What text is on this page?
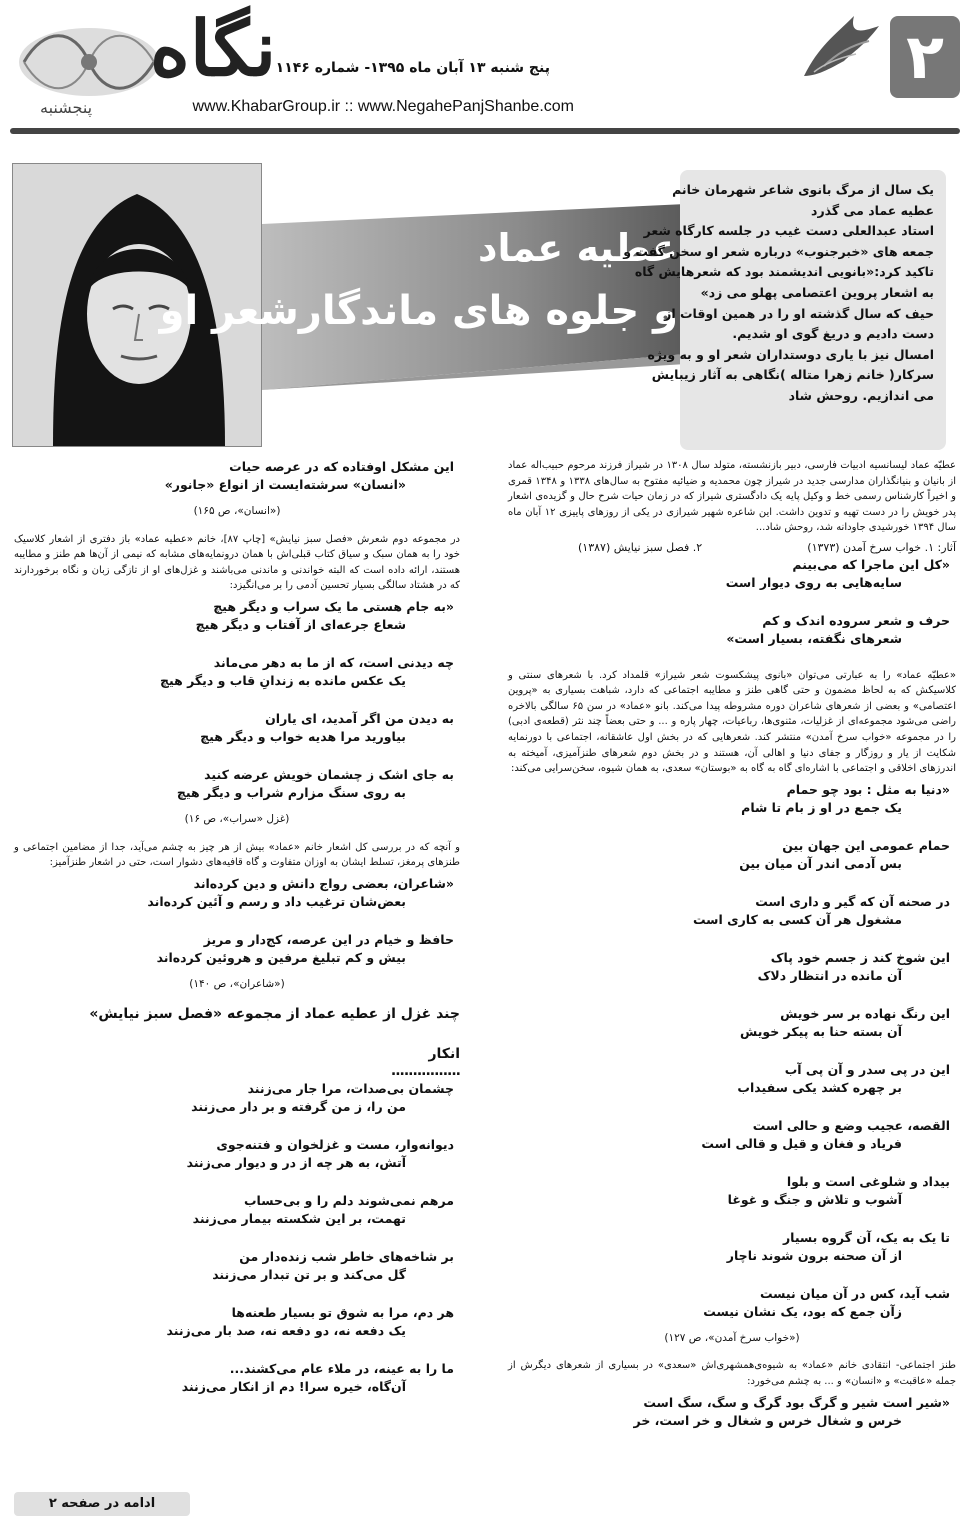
۲
پنج شنبه ۱۳ آبان ماه ۱۳۹۵- شماره ۱۱۴۶
www.KhabarGroup.ir :: www.NegahePanjShanbe.com
نگاه
پنجشنبه
عطیه عماد
و جلوه های ماندگارشعر او
یک سال از مرگ بانوی شاعر شهرمان خانم
عطیه عماد می گذرد
استاد عبدالعلی دست غیب در جلسه کارگاه شعر
جمعه های «خبرجنوب» درباره شعر او سخن گفت و
تاکید کرد:«بانویی اندیشمند بود که شعرهایش گاه
به اشعار پروین اعتصامی پهلو می زد»
حیف که سال گذشته او را در همین اوقات از
دست دادیم و دریغ گوی او شدیم.
امسال نیز با یاری دوستداران شعر او و به ویژه
سرکار( خانم زهرا متاله )نگاهی به آثار زیبایش
می اندازیم. روحش شاد

عطیّه عماد لیسانسیه ادبیات فارسی، دبیر بازنشسته، متولد سال ۱۳۰۸ در شیراز فرزند مرحوم حبیب‌اله عماد از بانیان و بنیانگذاران مدارسی جدید در شیراز چون محمدیه و ضیائیه مفتوح به سال‌های ۱۳۳۸ و ۱۳۴۸ قمری و اخیراً کارشناس رسمی خط و وکیل پایه یک دادگستری شیراز که در زمان حیات شرح حال و گزیده‌ی اشعار پدر خویش را در دست تهیه و تدوین داشت. این شاعره شهیر شیرازی در یکی از روزهای پاییزی ۱۲ آبان ماه سال ۱۳۹۴ خورشیدی جاودانه شد، روحش شاد...

آثار: ۱. خواب سرخ آمدن (۱۳۷۳)
۲. فصل سبز نیایش (۱۳۸۷)
«کل این ماجرا که می‌بینم
سایه‌هایی به روی دیوار است
حرف و شعر سروده اندک و کم
شعرهای نگفته، بسیار است»

«عطیّه عماد» را به عبارتی می‌توان «بانوی پیشکسوت شعر شیراز» قلمداد کرد. با شعرهای سنتی و کلاسیکش که به لحاظ مضمون و حتی گاهی طنز و مطایبه اجتماعی که دارد، شباهت بسیاری به «پروین اعتصامی» و بعضی از شعرهای شاعران دوره مشروطه پیدا می‌کند. بانو «عماد» در سن ۶۵ سالگی بالاخره راضی می‌شود مجموعه‌ای از غزلیات، مثنوی‌ها، رباعیات، چهار پاره و ... و حتی بعضاً چند نثر (قطعه‌ی ادبی) را در مجموعه «خواب سرخ آمدن» منتشر کند. شعرهایی که در بخش اول عاشقانه، اجتماعی با دورنمایه شکایت از یار و روزگار و جفای دنیا و اهالی آن، هستند و در بخش دوم شعرهای طنزآمیزی، آمیخته به اندرزهای اخلاقی و اجتماعی با اشاره‌ای گاه به گاه به «بوستان» سعدی، به همان شیوه، سخن‌سرایی می‌کند:

«دنیا به مثل : بود چو حمام
یک جمع در او ز بام تا شام
حمام عمومی این جهان بین
بس آدمی اندر آن میان بین
در صحنه آن که گیر و داری است
مشغول هر آن کسی به کاری است
این شوخ کند ز جسم خود پاک
آن مانده در انتظار دلاک
این رنگ نهاده بر سر خویش
آن بسته حنا به پیکر خویش
این در پی سدر و آن پی آب
بر چهره کشد یکی سفیداب
القصه، عجیب وضع و حالی است
فریاد و فغان و قیل و قالی است
بیداد و شلوغی است و بلوا
آشوب و تلاش و جنگ و غوغا
تا یک به یک، آن گروه بسیار
از آن صحنه برون شوند ناچار
شب آید، کس در آن میان نیست
زآن جمع که بود، یک نشان نیست
(«خواب سرخ آمدن»، ص ۱۲۷)

طنز اجتماعی- انتقادی خانم «عماد» به شیوه‌ی‌همشهری‌اش «سعدی» در بسیاری از شعرهای دیگرش از جمله «عاقبت» و «انسان» و ... به چشم می‌خورد:

«شیر است شیر و گرگ بود گرگ و سگ، سگ است
خرس و شغال خرس و شغال و خر است، خر
این مشکل اوفتاده که در عرصه حیات
«انسان» سرشته‌ایست از انواع «جانور»
(«انسان»، ص ۱۶۵)

در مجموعه دوم شعرش «فصل سبز نیایش» [چاپ ۸۷]، خانم «عطیه عماد» باز دفتری از اشعار کلاسیک خود را به همان سبک و سیاق کتاب قبلی‌اش با همان درونمایه‌های مشابه که نیمی از آن‌ها هم طنز و مطایبه هستند، ارائه داده است که البته خواندنی و ماندنی می‌باشند و غزل‌های او از تازگی زبان و نگاه برخوردارند که در هشتاد سالگی بسیار تحسین آدمی را بر می‌انگیزد:

«به جام هستی ما یک سراب و دیگر هیچ
شعاع جرعه‌ای از آفتاب و دیگر هیچ
چه دیدنی است، که از ما به دهر می‌ماند
یک عکس مانده به زندانِ قاب و دیگر هیچ
به دیدن من اگر آمدید، ای یاران
بیاورید مرا هدیه خواب و دیگر هیچ
به جای اشک ز چشمان خویش عرضه کنید
به روی سنگ مزارم شراب و دیگر هیچ
(غزل «سراب»، ص ۱۶)

و آنچه که در بررسی کل اشعار خانم «عماد» بیش از هر چیز به چشم می‌آید، جدا از مضامین اجتماعی و طنزهای پرمغز، تسلط ایشان به اوزان متفاوت و گاه قافیه‌های دشوار است، حتی در اشعار طنزآمیز:

«شاعران، بعضی رواج دانش و دین کرده‌اند
بعض‌شان ترغیب داد و رسم و آئین کرده‌اند
حافظ و خیام در این عرصه، کج‌دار و مریز
بیش و کم تبلیغ مرفین و هروئین کرده‌اند
(«شاعران»، ص ۱۴۰)
چند غزل از عطیه عماد از مجموعه «فصل سبز نیایش»
انکار
................
چشمان بی‌صدات، مرا جار می‌زنند
من را، ز من گرفته و بر دار می‌زنند
دیوانه‌وار، مست و غزلخوان و فتنه‌جوی
آتش، به هر چه از در و دیوار می‌زنند
مرهم نمی‌شوند دلم را و بی‌حساب
تهمت، بر این شکسته بیمار می‌زنند
بر شاخه‌های خاطر شب زنده‌دار من
گل می‌کند و بر تن تبدار می‌زنند
هر دم، مرا به شوق تو بسیار طعنه‌ها
یک دفعه نه، دو دفعه نه، صد بار می‌زنند
ما را به عینه، در ملاء عام می‌کشند...
آن‌گاه، خیره سرا! دم از انکار می‌زنند
ادامه در صفحه ۲
